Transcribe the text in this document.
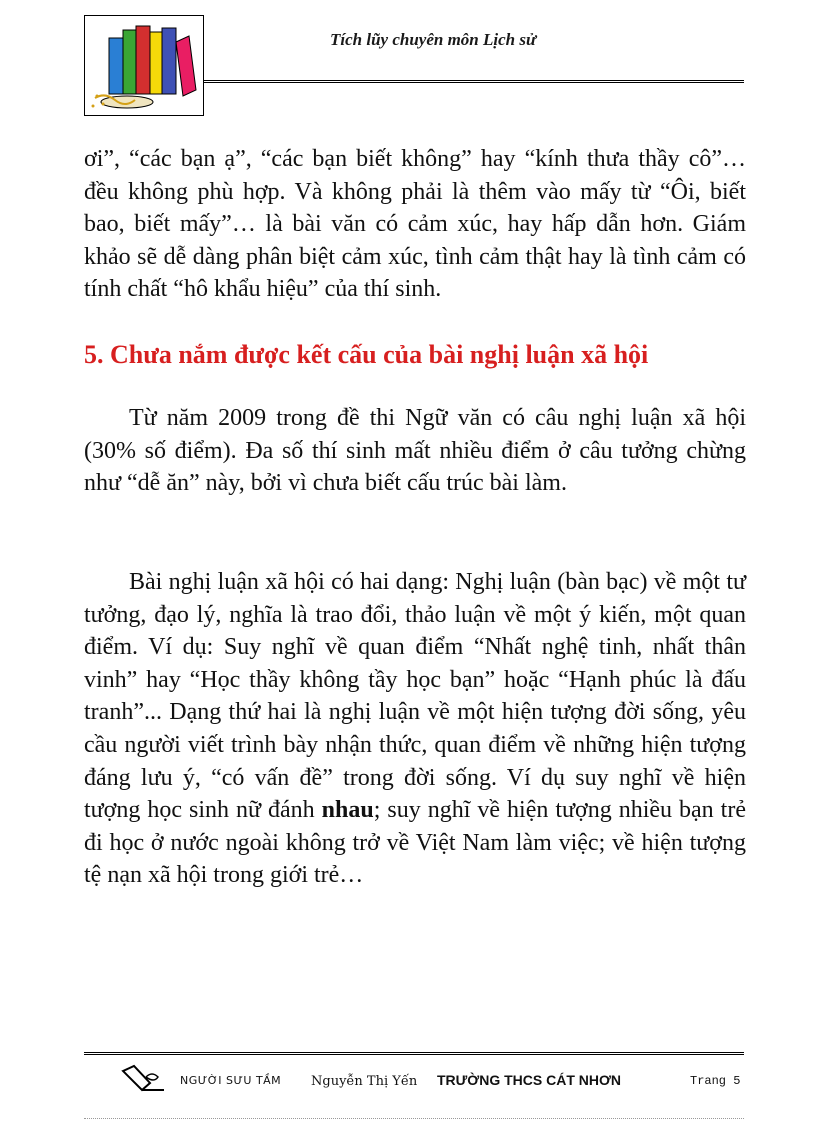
Tích lũy chuyên môn Lịch sử

ơi”, “các bạn ạ”, “các bạn biết không” hay “kính thưa thầy cô”… đều không phù hợp. Và không phải là thêm vào mấy từ “Ôi, biết bao, biết mấy”… là bài văn có cảm xúc, hay hấp dẫn hơn. Giám khảo sẽ dễ dàng phân biệt cảm xúc, tình cảm thật hay là tình cảm có tính chất “hô khẩu hiệu” của thí sinh.

5. Chưa nắm được kết cấu của bài nghị luận xã hội

Từ năm 2009 trong đề thi Ngữ văn có câu nghị luận xã hội (30% số điểm). Đa số thí sinh mất nhiều điểm ở câu tưởng chừng như “dễ ăn” này, bởi vì chưa biết cấu trúc bài làm.

Bài nghị luận xã hội có hai dạng: Nghị luận (bàn bạc) về một tư tưởng, đạo lý, nghĩa là trao đổi, thảo luận về một ý kiến, một quan điểm. Ví dụ: Suy nghĩ về quan điểm “Nhất nghệ tinh, nhất thân vinh” hay “Học thầy không tầy học bạn” hoặc “Hạnh phúc là đấu tranh”... Dạng thứ hai là nghị luận về một hiện tượng đời sống, yêu cầu người viết trình bày nhận thức, quan điểm về những hiện tượng đáng lưu ý, “có vấn đề” trong đời sống. Ví dụ suy nghĩ về hiện tượng học sinh nữ đánh nhau; suy nghĩ về hiện tượng nhiều bạn trẻ đi học ở nước ngoài không trở về Việt Nam làm việc; về hiện tượng tệ nạn xã hội trong giới trẻ…

NGƯỜI SƯU TẦM Nguyễn Thị Yến TRƯỜNG THCS CÁT NHƠN	Trang 5
